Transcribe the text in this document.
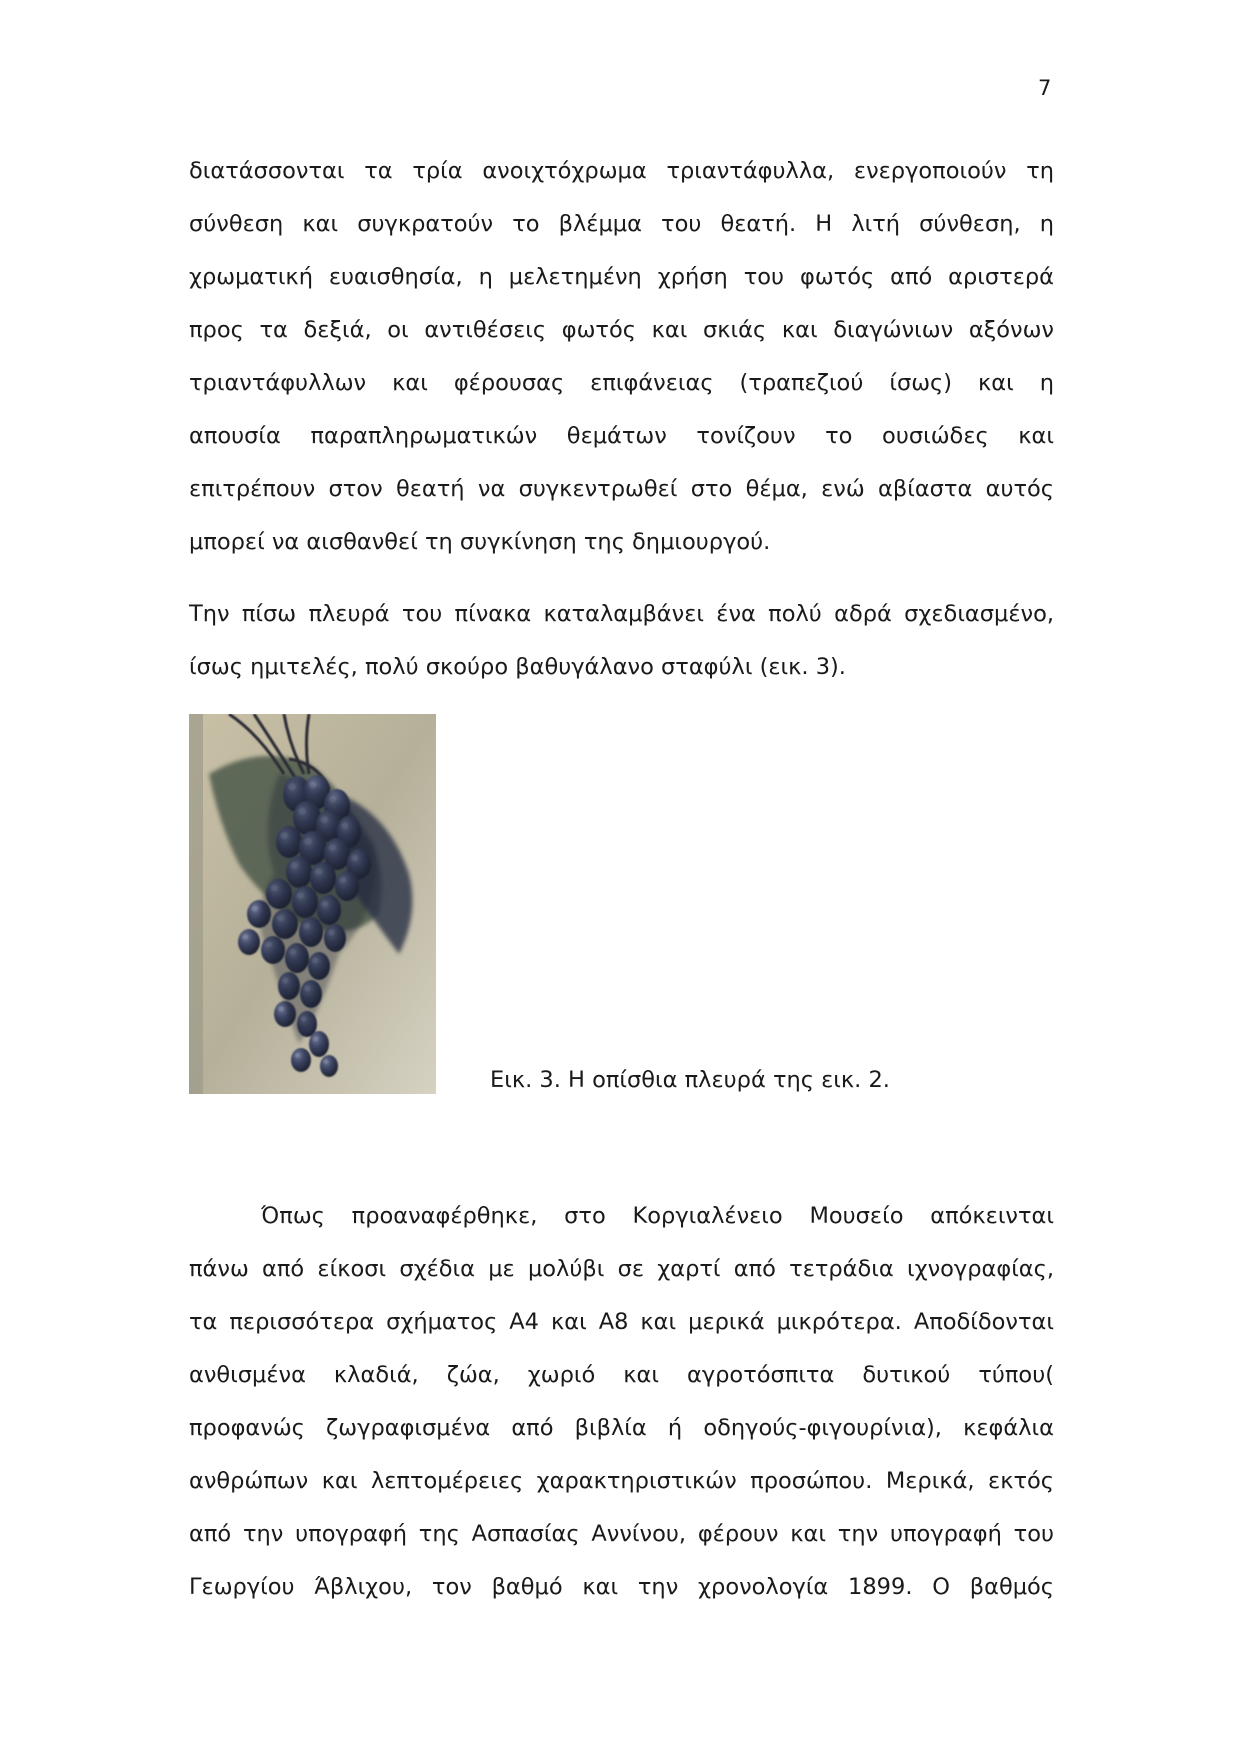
7
διατάσσονται τα τρία ανοιχτόχρωμα τριαντάφυλλα, ενεργοποιούν τη
σύνθεση και συγκρατούν το βλέμμα του θεατή. Η λιτή σύνθεση, η
χρωματική ευαισθησία, η μελετημένη χρήση του φωτός από αριστερά
προς τα δεξιά, οι αντιθέσεις φωτός και σκιάς και διαγώνιων αξόνων
τριαντάφυλλων και φέρουσας επιφάνειας (τραπεζιού ίσως) και η
απουσία παραπληρωματικών θεμάτων τονίζουν το ουσιώδες και
επιτρέπουν στον θεατή να συγκεντρωθεί στο θέμα, ενώ αβίαστα αυτός
μπορεί να αισθανθεί τη συγκίνηση της δημιουργού.
Την πίσω πλευρά του πίνακα καταλαμβάνει ένα πολύ αδρά σχεδιασμένο,
ίσως ημιτελές, πολύ σκούρο βαθυγάλανο σταφύλι (εικ. 3).
Εικ. 3. Η οπίσθια πλευρά της εικ. 2.
Όπως προαναφέρθηκε, στο Κοργιαλένειο Μουσείο απόκεινται
πάνω από είκοσι σχέδια με μολύβι σε χαρτί από τετράδια ιχνογραφίας,
τα περισσότερα σχήματος Α4 και Α8 και μερικά μικρότερα. Αποδίδονται
ανθισμένα κλαδιά, ζώα, χωριό και αγροτόσπιτα δυτικού τύπου(
προφανώς ζωγραφισμένα από βιβλία ή οδηγούς-φιγουρίνια), κεφάλια
ανθρώπων και λεπτομέρειες χαρακτηριστικών προσώπου. Μερικά, εκτός
από την υπογραφή της Ασπασίας Αννίνου, φέρουν και την υπογραφή του
Γεωργίου Άβλιχου, τον βαθμό και την χρονολογία 1899. Ο βαθμός
